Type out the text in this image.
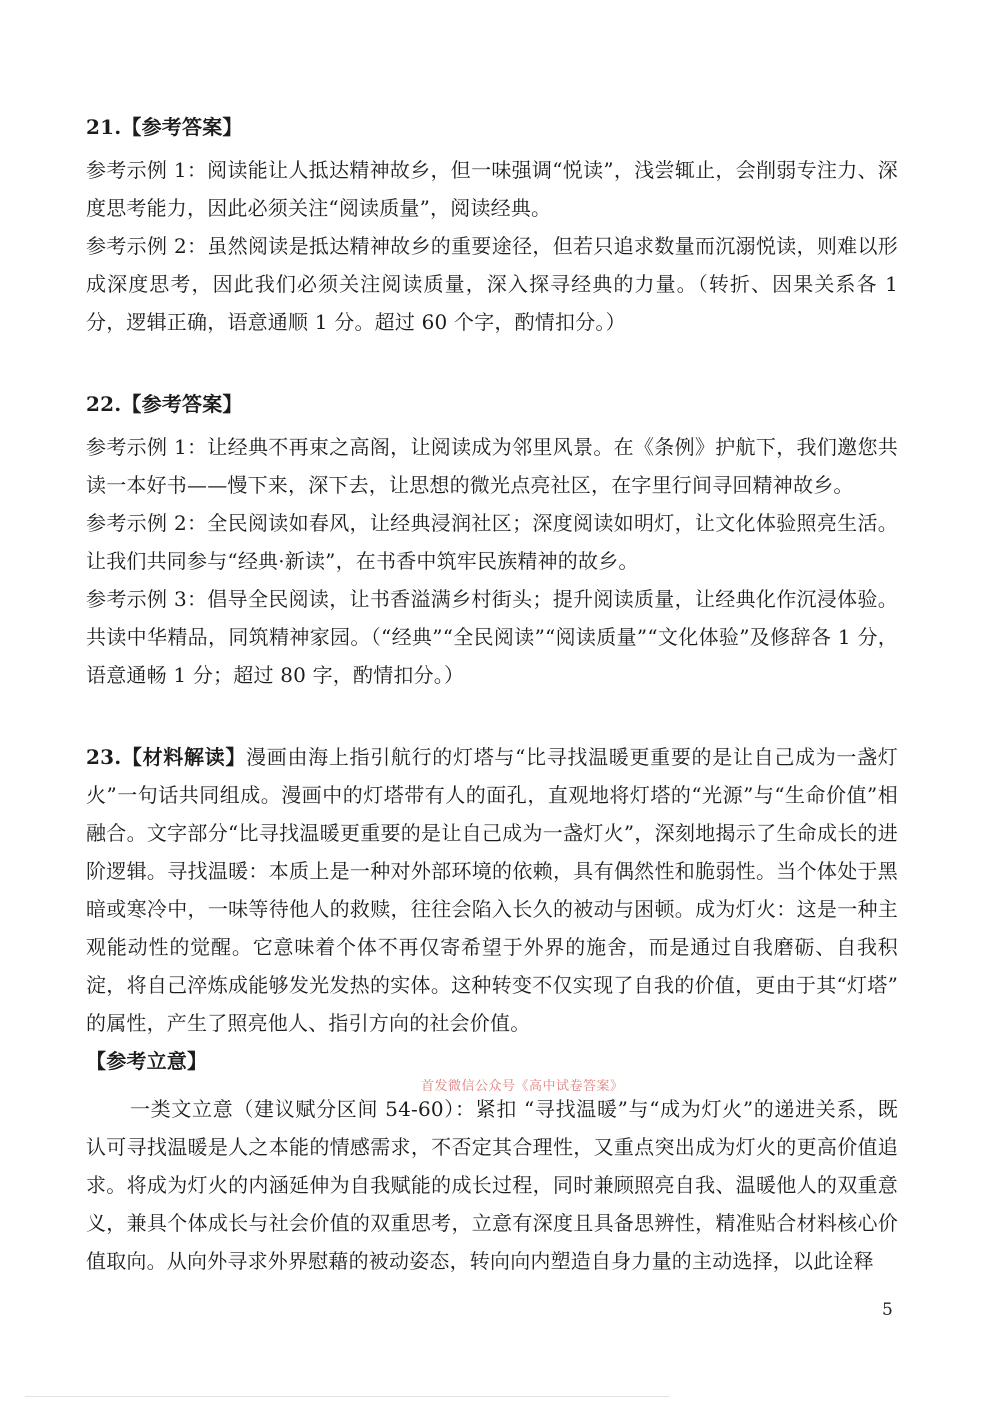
21.【参考答案】

参考示例 1：阅读能让人抵达精神故乡，但一味强调“悦读”，浅尝辄止，会削弱专注力、深度思考能力，因此必须关注“阅读质量”，阅读经典。

参考示例 2：虽然阅读是抵达精神故乡的重要途径，但若只追求数量而沉溺悦读，则难以形成深度思考，因此我们必须关注阅读质量，深入探寻经典的力量。（转折、因果关系各 1 分，逻辑正确，语意通顺 1 分。超过 60 个字，酌情扣分。）

22.【参考答案】

参考示例 1：让经典不再束之高阁，让阅读成为邻里风景。在《条例》护航下，我们邀您共读一本好书——慢下来，深下去，让思想的微光点亮社区，在字里行间寻回精神故乡。

参考示例 2：全民阅读如春风，让经典浸润社区；深度阅读如明灯，让文化体验照亮生活。让我们共同参与“经典·新读”，在书香中筑牢民族精神的故乡。

参考示例 3：倡导全民阅读，让书香溢满乡村街头；提升阅读质量，让经典化作沉浸体验。共读中华精品，同筑精神家园。（“经典”“全民阅读”“阅读质量”“文化体验”及修辞各 1 分，语意通畅 1 分；超过 80 字，酌情扣分。）

23.【材料解读】漫画由海上指引航行的灯塔与“比寻找温暖更重要的是让自己成为一盏灯火”一句话共同组成。漫画中的灯塔带有人的面孔，直观地将灯塔的“光源”与“生命价值”相融合。文字部分“比寻找温暖更重要的是让自己成为一盏灯火”，深刻地揭示了生命成长的进阶逻辑。寻找温暖：本质上是一种对外部环境的依赖，具有偶然性和脆弱性。当个体处于黑暗或寒冷中，一味等待他人的救赎，往往会陷入长久的被动与困顿。成为灯火：这是一种主观能动性的觉醒。它意味着个体不再仅寄希望于外界的施舍，而是通过自我磨砺、自我积淀，将自己淬炼成能够发光发热的实体。这种转变不仅实现了自我的价值，更由于其“灯塔”的属性，产生了照亮他人、指引方向的社会价值。

【参考立意】

一类文立意（建议赋分区间 54-60）：紧扣 “寻找温暖”与“成为灯火”的递进关系，既认可寻找温暖是人之本能的情感需求，不否定其合理性，又重点突出成为灯火的更高价值追求。将成为灯火的内涵延伸为自我赋能的成长过程，同时兼顾照亮自我、温暖他人的双重意义，兼具个体成长与社会价值的双重思考，立意有深度且具备思辨性，精准贴合材料核心价值取向。从向外寻求外界慰藉的被动姿态，转向向内塑造自身力量的主动选择，以此诠释

首发微信公众号《高中试卷答案》
5
